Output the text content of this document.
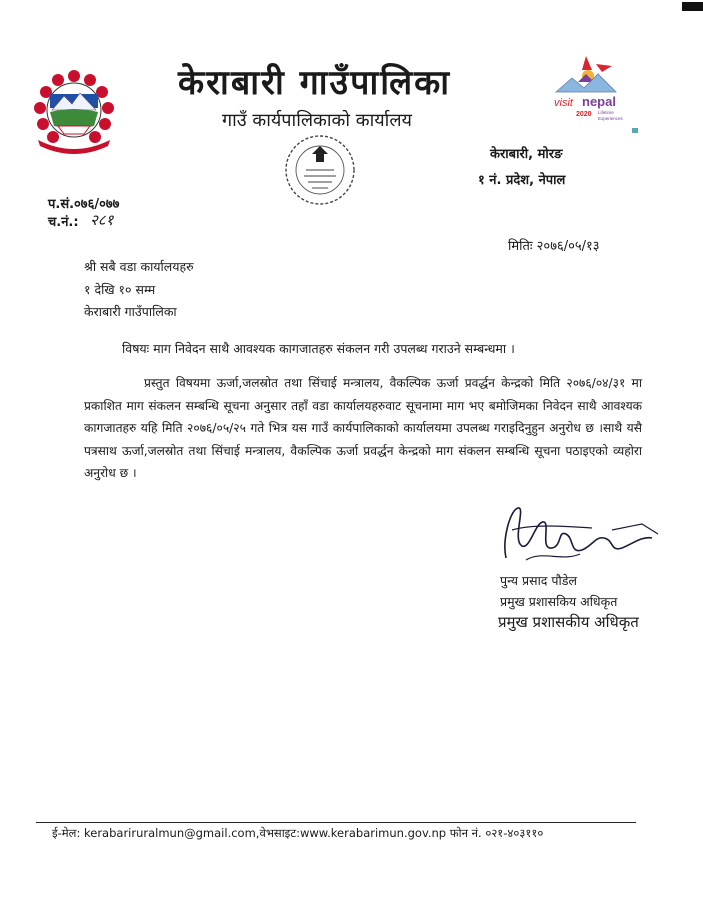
केराबारी गाउँपालिका
गाउँ कार्यपालिकाको कार्यालय
visit nepal
2020 Lifetime
Experiences
केराबारी, मोरङ
१ नं. प्रदेश, नेपाल
प.सं.०७६/०७७
च.नं.: २८१
मितिः २०७६/०५/१३
श्री सबै वडा कार्यालयहरु
१ देखि १० सम्म
केराबारी गाउँपालिका
विषयः माग निवेदन साथै आवश्यक कागजातहरु संकलन गरी उपलब्ध गराउने सम्बन्धमा ।
प्रस्तुत विषयमा ऊर्जा,जलस्रोत तथा सिंचाई मन्त्रालय, वैकल्पिक ऊर्जा प्रवर्द्धन केन्द्रको मिति २०७६/०४/३१ मा प्रकाशित माग संकलन सम्बन्धि सूचना अनुसार तहाँ वडा कार्यालयहरुवाट सूचनामा माग भए बमोजिमका निवेदन साथै आवश्यक कागजातहरु यहि मिति २०७६/०५/२५ गते भित्र यस गाउँ कार्यपालिकाको कार्यालयमा उपलब्ध गराइदिनुहुन अनुरोध छ ।साथै यसै पत्रसाथ ऊर्जा,जलस्रोत तथा सिंचाई मन्त्रालय, वैकल्पिक ऊर्जा प्रवर्द्धन केन्द्रको माग संकलन सम्बन्धि सूचना पठाइएको व्यहोरा अनुरोध छ ।
पुन्य प्रसाद पौडेल
प्रमुख प्रशासकिय अधिकृत
प्रमुख प्रशासकीय अधिकृत
ई-मेल: kerabariruralmun@gmail.com,वेभसाइट:www.kerabarimun.gov.np फोन नं. ०२१-४०३११०
